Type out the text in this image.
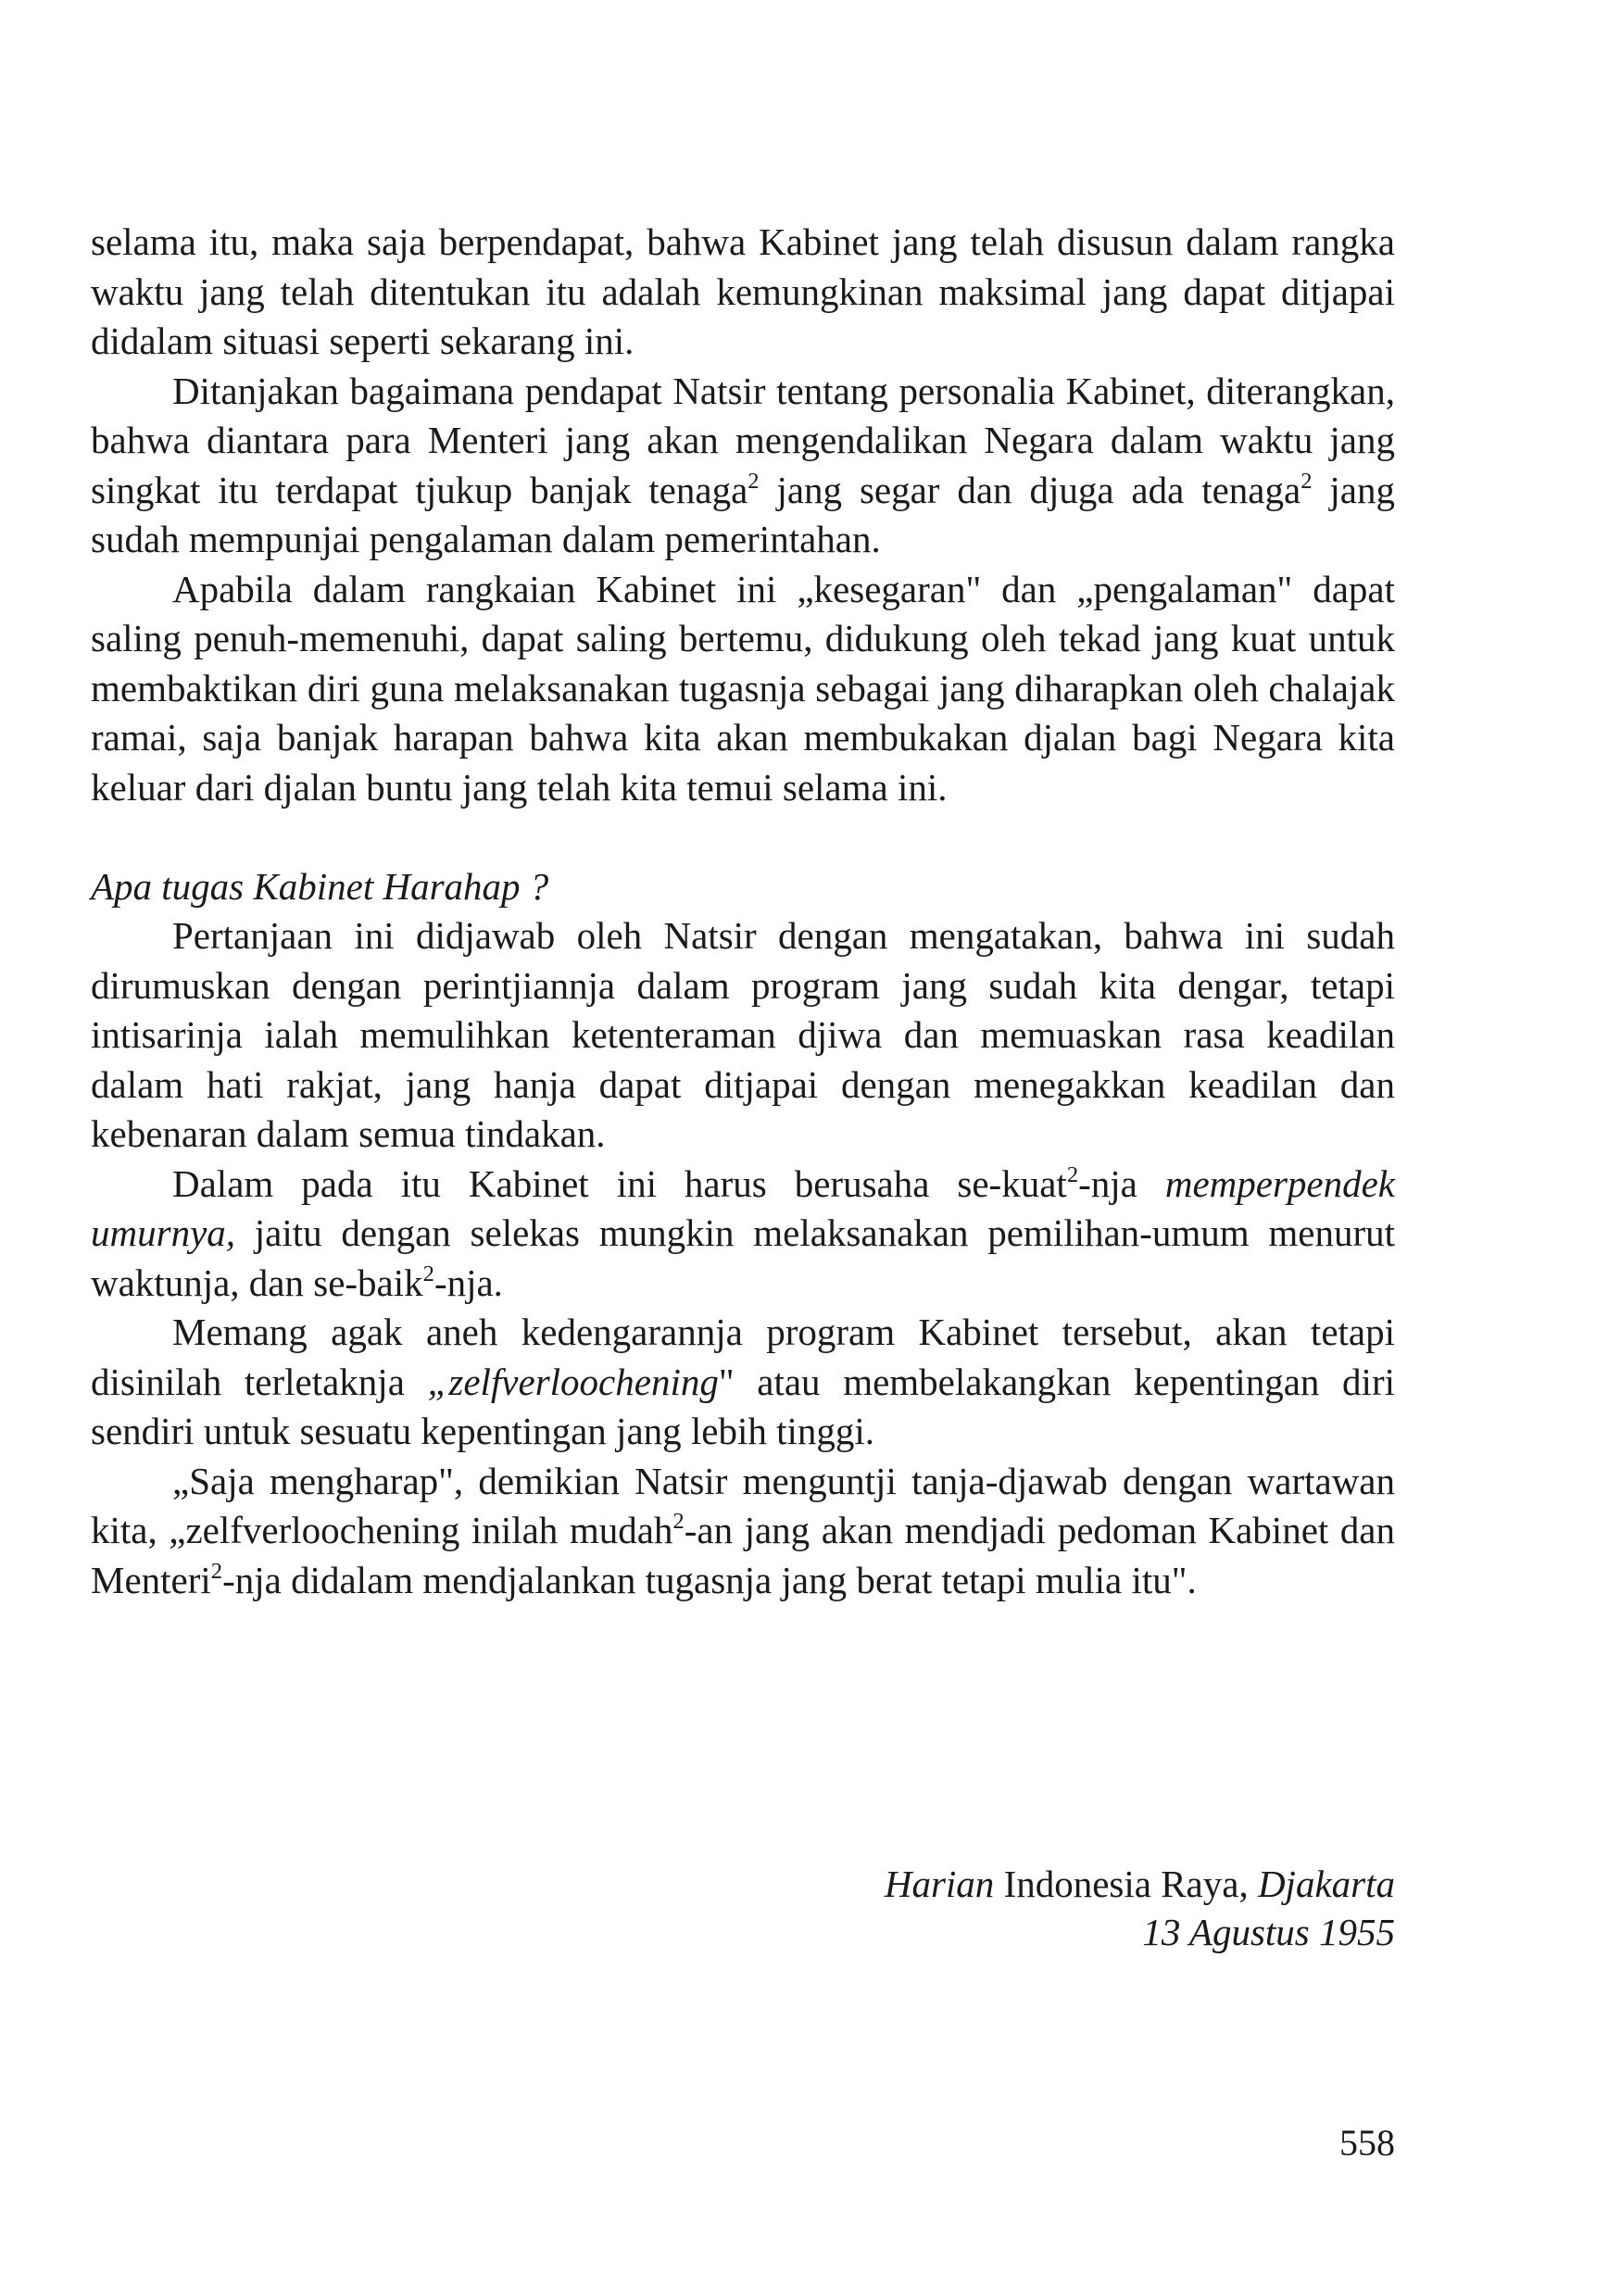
selama itu, maka saja berpendapat, bahwa Kabinet jang telah disusun dalam rangka waktu jang telah ditentukan itu adalah kemungkinan maksimal jang dapat ditjapai didalam situasi seperti sekarang ini.

Ditanjakan bagaimana pendapat Natsir tentang personalia Kabinet, diterangkan, bahwa diantara para Menteri jang akan mengendalikan Negara dalam waktu jang singkat itu terdapat tjukup banjak tenaga$^2$ jang segar dan djuga ada tenaga$^2$ jang sudah mempunjai pengalaman dalam pemerintahan.

Apabila dalam rangkaian Kabinet ini „kesegaran" dan „pengalaman" dapat saling penuh-memenuhi, dapat saling bertemu, didukung oleh tekad jang kuat untuk membaktikan diri guna melaksanakan tugasnja sebagai jang diharapkan oleh chalajak ramai, saja banjak harapan bahwa kita akan membukakan djalan bagi Negara kita keluar dari djalan buntu jang telah kita temui selama ini.

Apa tugas Kabinet Harahap ?

Pertanjaan ini didjawab oleh Natsir dengan mengatakan, bahwa ini sudah dirumuskan dengan perintjiannja dalam program jang sudah kita dengar, tetapi intisarinja ialah memulihkan ketenteraman djiwa dan memuaskan rasa keadilan dalam hati rakjat, jang hanja dapat ditjapai dengan menegakkan keadilan dan kebenaran dalam semua tindakan.

Dalam pada itu Kabinet ini harus berusaha se-kuat$^2$-nja memperpendek umurnya, jaitu dengan selekas mungkin melaksanakan pemilihan-umum menurut waktunja, dan se-baik$^2$-nja.

Memang agak aneh kedengarannja program Kabinet tersebut, akan tetapi disinilah terletaknja „zelfverloochening" atau membelakangkan kepentingan diri sendiri untuk sesuatu kepentingan jang lebih tinggi.

„Saja mengharap", demikian Natsir menguntji tanja-djawab dengan wartawan kita, „zelfverloochening inilah mudah$^2$-an jang akan mendjadi pedoman Kabinet dan Menteri$^2$-nja didalam mendjalankan tugasnja jang berat tetapi mulia itu".

Harian Indonesia Raya, Djakarta
13 Agustus 1955
558
